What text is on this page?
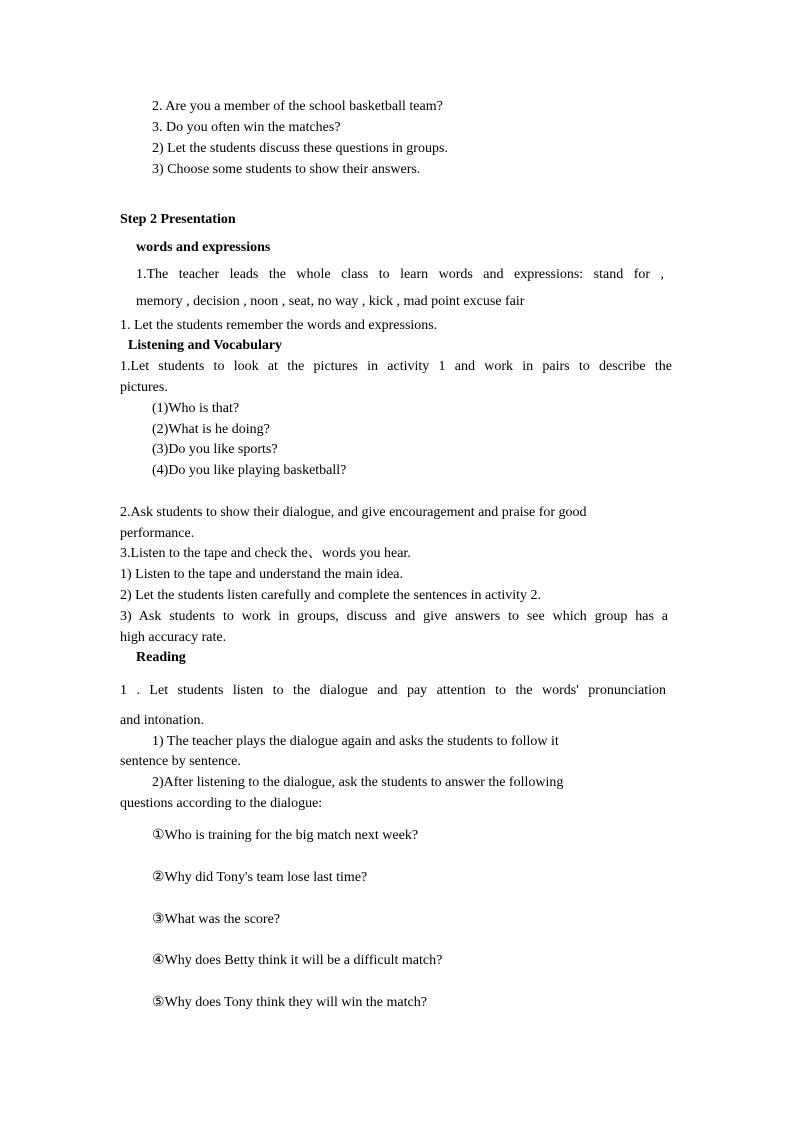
2. Are you a member of the school basketball team?
3. Do you often win the matches?
2) Let the students discuss these questions in groups.
3) Choose some students to show their answers.
Step 2 Presentation
words and expressions
1.The teacher leads the whole class to learn words and expressions: stand for ,
memory , decision , noon , seat, no way , kick , mad point excuse fair
1. Let the students remember the words and expressions.
Listening and Vocabulary
1.Let students to look at the pictures in activity 1 and work in pairs to describe the
pictures.
(1)Who is that?
(2)What is he doing?
(3)Do you like sports?
(4)Do you like playing basketball?
2.Ask students to show their dialogue, and give encouragement and praise for good
performance.
3.Listen to the tape and check the、words you hear.
1) Listen to the tape and understand the main idea.
2) Let the students listen carefully and complete the sentences in activity 2.
3) Ask students to work in groups, discuss and give answers to see which group has a
high accuracy rate.
Reading
1 . Let students listen to the dialogue and pay attention to the words' pronunciation
and intonation.
1) The teacher plays the dialogue again and asks the students to follow it
sentence by sentence.
2)After listening to the dialogue, ask the students to answer the following
questions according to the dialogue:
①Who is training for the big match next week?
②Why did Tony's team lose last time?
③What was the score?
④Why does Betty think it will be a difficult match?
⑤Why does Tony think they will win the match?
